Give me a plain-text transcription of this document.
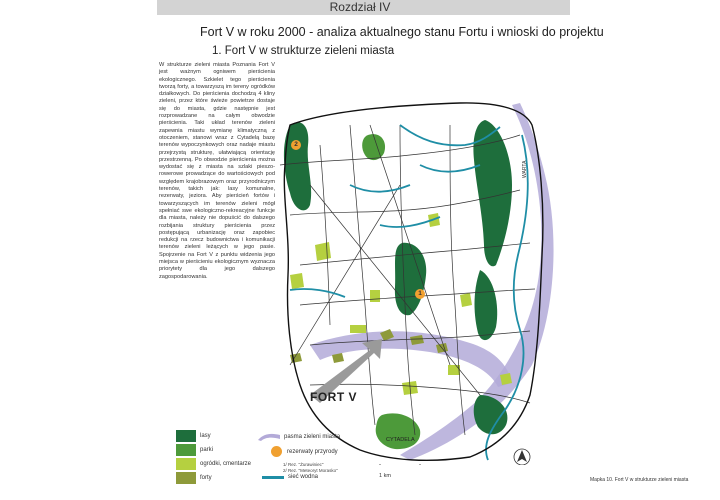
Rozdział IV
Fort V w roku 2000 - analiza aktualnego stanu Fortu i wnioski do projektu
1. Fort V w strukturze zieleni miasta

W strukturze zieleni miasta Poznania Fort V jest ważnym ogniwem pierścienia ekologicznego. Szkielet tego pierścienia tworzą forty, a towarzyszą im tereny ogródków działkowych. Do pierścienia dochodzą 4 kliny zieleni, przez które świeże powietrze dostaje się do miasta, gdzie następnie jest rozprowadzane na całym obwodzie pierścienia. Taki układ terenów zieleni zapewnia miastu wymianę klimatyczną z otoczeniem, stanowi wraz z Cytadelą bazę terenów wypoczynkowych oraz nadaje miastu przejrzystą strukturę, ułatwiającą orientację przestrzenną. Po obwodzie pierścienia można wydostać się z miasta na szlaki pieszo-rowerowe prowadzące do wartościowych pod względem krajobrazowym oraz przyrodniczym terenów, takich jak: lasy komunalne, rezerwaty, jeziora. Aby pierścień fortów i towarzyszących im terenów zieleni mógł spełniać swe ekologiczno-rekreacyjne funkcje dla miasta, należy nie dopuścić do dalszego rozbijania struktury pierścienia przez postępującą urbanizację oraz zapobiec redukcji na rzecz budownictwa i komunikacji terenów zieleni leżących w jego pasie. Spojrzenie na Fort V z punktu widzenia jego miejsca w pierścieniu ekologicznym wyznacza priorytety dla jego dalszego zagospodarowania.

1
2
FORT V
CYTADELA
WARTA
1 km
Mapka 10. Fort V w strukturze zieleni miasta
lasy
parki
ogródki, cmentarze
forty
pasma zieleni miasta
rezerwaty przyrody
1/ Rez. "Żurawiniec"
2/ Rez. "Meteoryt Morasko"
sieć wodna
